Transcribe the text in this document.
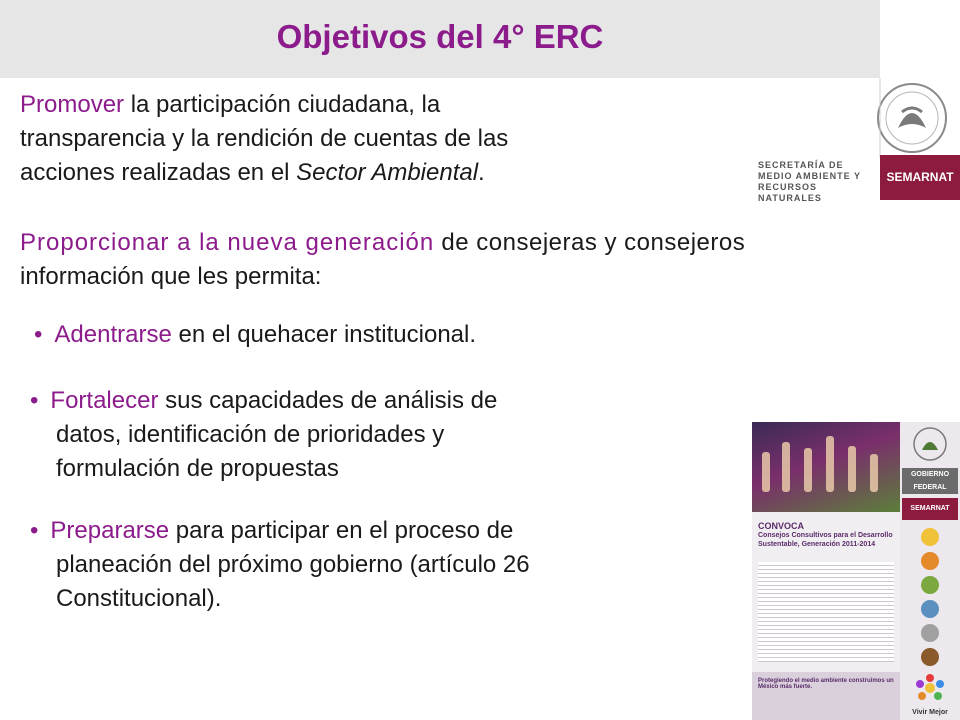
Objetivos del 4° ERC

Promover la participación ciudadana, la
transparencia y la rendición de cuentas de las
acciones realizadas en el Sector Ambiental.	SECRETARÍA DE
MEDIO AMBIENTE Y
RECURSOS NATURALES
SEMARNAT

Proporcionar a la nueva generación de consejeras y consejeros
información que les permita:

• Adentrarse en el quehacer institucional.

• Fortalecer sus capacidades de análisis de
datos, identificación de prioridades y
formulación de propuestas

• Prepararse para participar en el proceso de
planeación del próximo gobierno (artículo 26
Constitucional).

GOBIERNO FEDERAL
SEMARNAT
CONVOCA
Consejos Consultivos para el Desarrollo Sustentable, Generación 2011-2014
Protegiendo el medio ambiente construimos un México más fuerte.
Vivir Mejor
